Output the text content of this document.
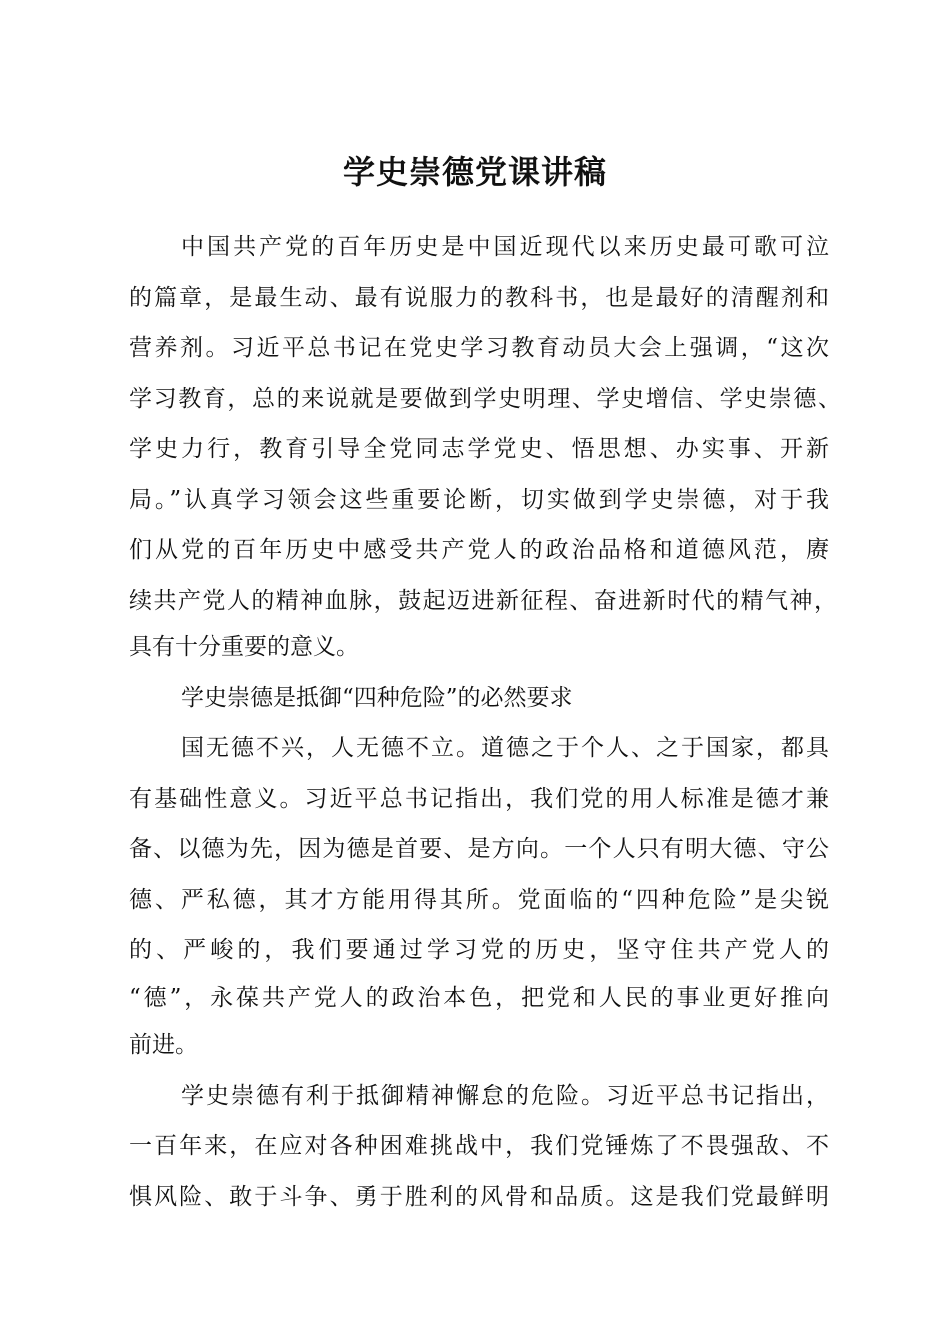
学史崇德党课讲稿
中国共产党的百年历史是中国近现代以来历史最可歌可泣
的篇章，是最生动、最有说服力的教科书，也是最好的清醒剂和
营养剂。习近平总书记在党史学习教育动员大会上强调，“这次
学习教育，总的来说就是要做到学史明理、学史增信、学史崇德、
学史力行，教育引导全党同志学党史、悟思想、办实事、开新
局。”认真学习领会这些重要论断，切实做到学史崇德，对于我
们从党的百年历史中感受共产党人的政治品格和道德风范，赓
续共产党人的精神血脉，鼓起迈进新征程、奋进新时代的精气神，
具有十分重要的意义。
学史崇德是抵御“四种危险”的必然要求
国无德不兴，人无德不立。道德之于个人、之于国家，都具
有基础性意义。习近平总书记指出，我们党的用人标准是德才兼
备、以德为先，因为德是首要、是方向。一个人只有明大德、守公
德、严私德，其才方能用得其所。党面临的“四种危险”是尖锐
的、严峻的，我们要通过学习党的历史，坚守住共产党人的
“德”，永葆共产党人的政治本色，把党和人民的事业更好推向
前进。
学史崇德有利于抵御精神懈怠的危险。习近平总书记指出，
一百年来，在应对各种困难挑战中，我们党锤炼了不畏强敌、不
惧风险、敢于斗争、勇于胜利的风骨和品质。这是我们党最鲜明
